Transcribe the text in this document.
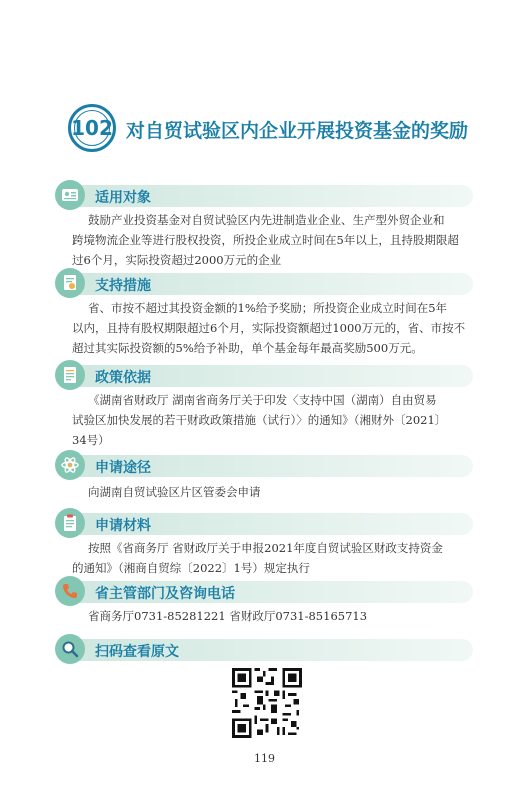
102 对自贸试验区内企业开展投资基金的奖励
适用对象
鼓励产业投资基金对自贸试验区内先进制造业企业、生产型外贸企业和
跨境物流企业等进行股权投资，所投企业成立时间在5年以上，且持股期限超
过6个月，实际投资超过2000万元的企业
支持措施
省、市按不超过其投资金额的1%给予奖励；所投资企业成立时间在5年
以内，且持有股权期限超过6个月，实际投资额超过1000万元的，省、市按不
超过其实际投资额的5%给予补助，单个基金每年最高奖励500万元。
政策依据
《湖南省财政厅 湖南省商务厅关于印发〈支持中国（湖南）自由贸易
试验区加快发展的若干财政政策措施（试行）〉的通知》（湘财外〔2021〕
34号）
申请途径
向湖南自贸试验区片区管委会申请
申请材料
按照《省商务厅 省财政厅关于申报2021年度自贸试验区财政支持资金
的通知》（湘商自贸综〔2022〕1号）规定执行
省主管部门及咨询电话
省商务厅0731-85281221 省财政厅0731-85165713
扫码查看原文
119
